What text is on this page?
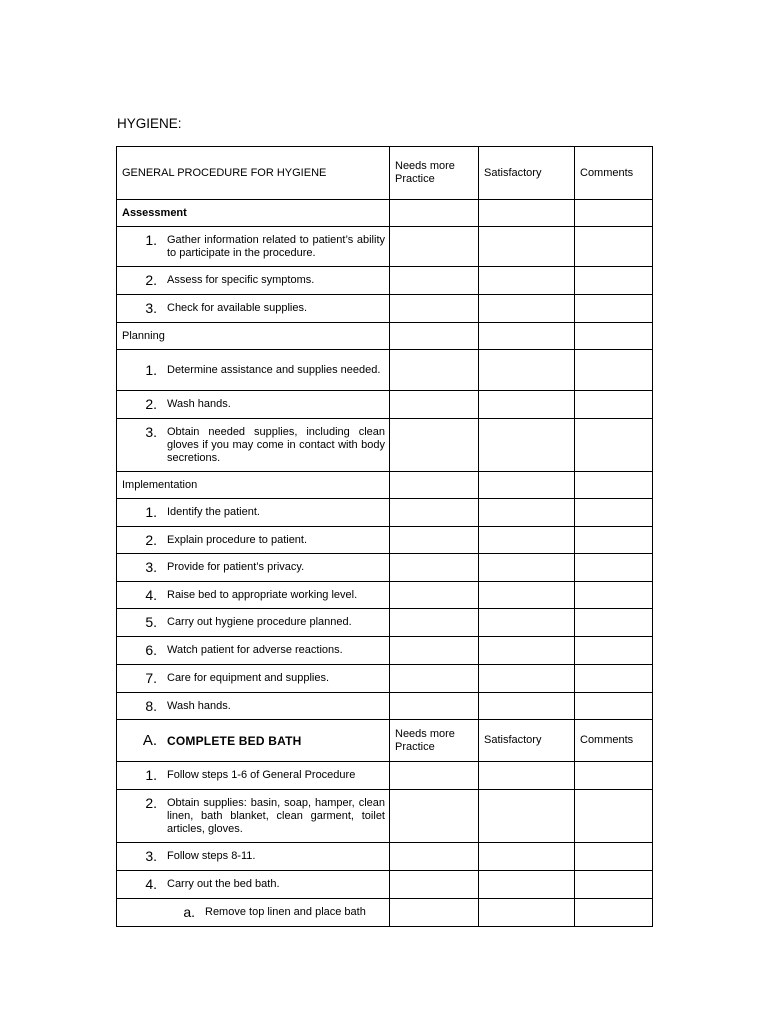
HYGIENE:
GENERAL PROCEDURE FOR HYGIENE	Needs more Practice	Satisfactory	Comments
Assessment			

1. Gather information related to patient’s ability to participate in the procedure.			

2. Assess for specific symptoms.			

3. Check for available supplies.			

Planning			

1. Determine assistance and supplies needed.			

2. Wash hands.			

3. Obtain needed supplies, including clean gloves if you may come in contact with body secretions.			

Implementation			

1. Identify the patient.			

2. Explain procedure to patient.			

3. Provide for patient’s privacy.			

4. Raise bed to appropriate working level.			

5. Carry out hygiene procedure planned.			

6. Watch patient for adverse reactions.			

7. Care for equipment and supplies.			

8. Wash hands.			

A. COMPLETE BED BATH	Needs more Practice	Satisfactory	Comments

1. Follow steps 1-6 of General Procedure			

2. Obtain supplies: basin, soap, hamper, clean linen, bath blanket, clean garment, toilet articles, gloves.			

3. Follow steps 8-11.			

4. Carry out the bed bath.			

a. Remove top linen and place bath			
